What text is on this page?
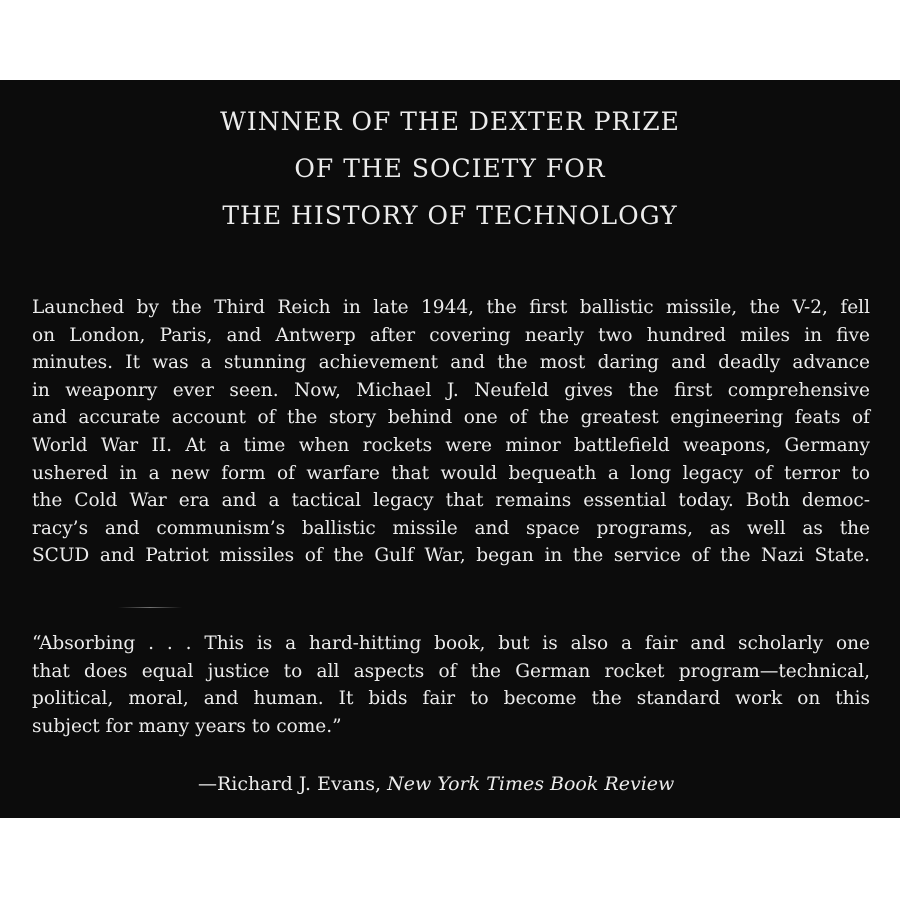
WINNER OF THE DEXTER PRIZE
OF THE SOCIETY FOR
THE HISTORY OF TECHNOLOGY
Launched by the Third Reich in late 1944, the first ballistic missile, the V-2, fell
on London, Paris, and Antwerp after covering nearly two hundred miles in five
minutes. It was a stunning achievement and the most daring and deadly advance
in weaponry ever seen. Now, Michael J. Neufeld gives the first comprehensive
and accurate account of the story behind one of the greatest engineering feats of
World War II. At a time when rockets were minor battlefield weapons, Germany
ushered in a new form of warfare that would bequeath a long legacy of terror to
the Cold War era and a tactical legacy that remains essential today. Both democ-
racy’s and communism’s ballistic missile and space programs, as well as the
SCUD and Patriot missiles of the Gulf War, began in the service of the Nazi State.
“Absorbing . . . This is a hard-hitting book, but is also a fair and scholarly one
that does equal justice to all aspects of the German rocket program—technical,
political, moral, and human. It bids fair to become the standard work on this
subject for many years to come.”
—Richard J. Evans, New York Times Book Review
